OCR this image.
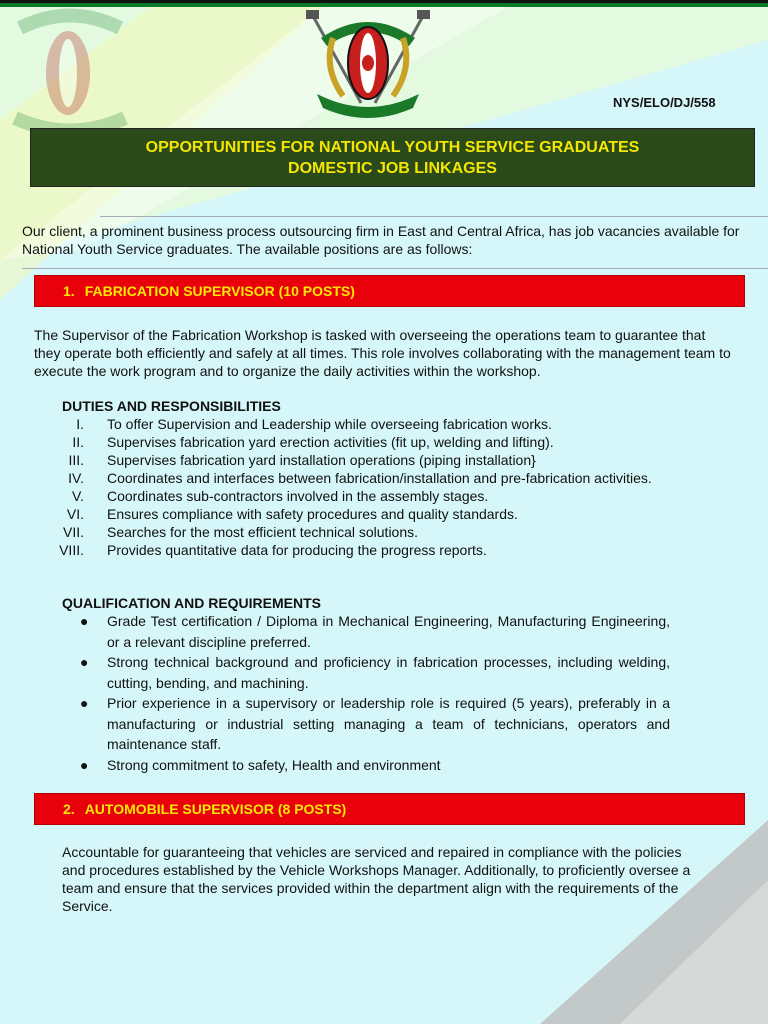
NYS/ELO/DJ/558
OPPORTUNITIES FOR NATIONAL YOUTH SERVICE GRADUATES
DOMESTIC JOB LINKAGES
Our client, a prominent business process outsourcing firm in East and Central Africa, has job vacancies available for National Youth Service graduates. The available positions are as follows:
1. FABRICATION SUPERVISOR (10 POSTS)
The Supervisor of the Fabrication Workshop is tasked with overseeing the operations team to guarantee that they operate both efficiently and safely at all times. This role involves collaborating with the management team to execute the work program and to organize the daily activities within the workshop.
DUTIES AND RESPONSIBILITIES
I.	To offer Supervision and Leadership while overseeing fabrication works.
II.	Supervises fabrication yard erection activities (fit up, welding and lifting).
III.	Supervises fabrication yard installation operations (piping installation}
IV.	Coordinates and interfaces between fabrication/installation and pre-fabrication activities.
V.	Coordinates sub-contractors involved in the assembly stages.
VI.	Ensures compliance with safety procedures and quality standards.
VII.	Searches for the most efficient technical solutions.
VIII.	Provides quantitative data for producing the progress reports.
QUALIFICATION AND REQUIREMENTS
●	Grade Test certification / Diploma in Mechanical Engineering, Manufacturing Engineering, or a relevant discipline preferred.
●	Strong technical background and proficiency in fabrication processes, including welding, cutting, bending, and machining.
●	Prior experience in a supervisory or leadership role is required (5 years), preferably in a manufacturing or industrial setting managing a team of technicians, operators and maintenance staff.
●	Strong commitment to safety, Health and environment
2. AUTOMOBILE SUPERVISOR (8 POSTS)
Accountable for guaranteeing that vehicles are serviced and repaired in compliance with the policies and procedures established by the Vehicle Workshops Manager. Additionally, to proficiently oversee a team and ensure that the services provided within the department align with the requirements of the Service.
